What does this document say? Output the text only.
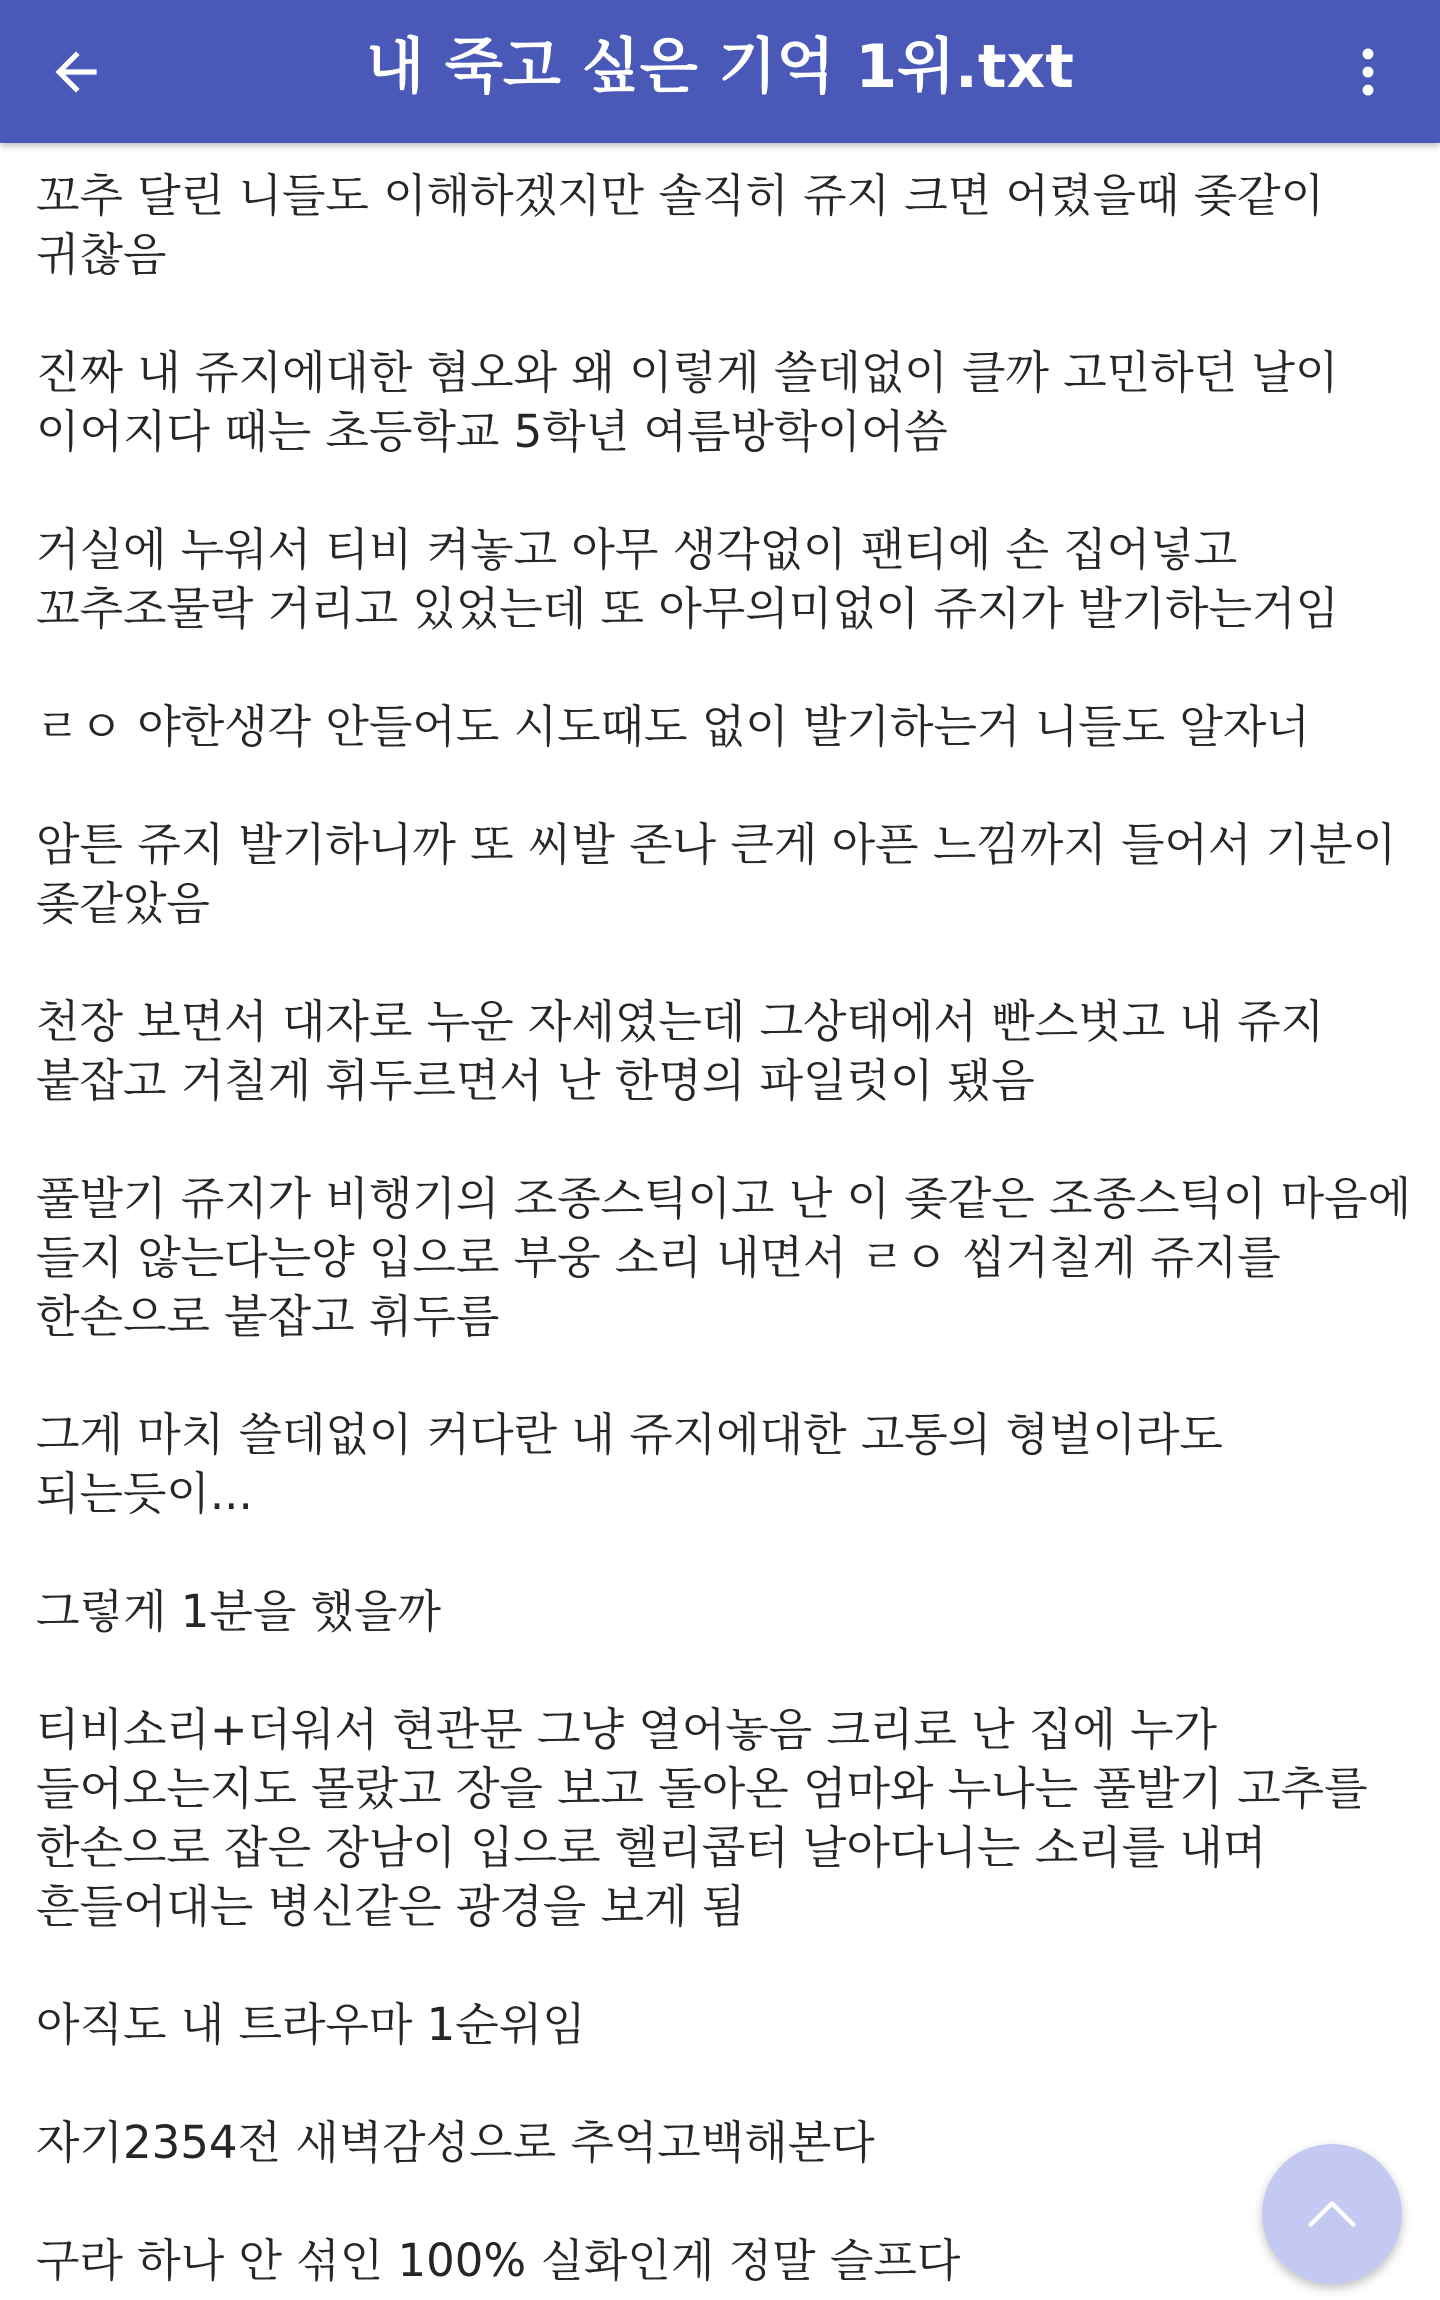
내 죽고 싶은 기억 1위.txt

꼬추 달린 니들도 이해하겠지만 솔직히 쥬지 크면 어렸을때 좆같이 귀찮음

진짜 내 쥬지에대한 혐오와 왜 이렇게 쓸데없이 클까 고민하던 날이 이어지다 때는 초등학교 5학년 여름방학이어씀

거실에 누워서 티비 켜놓고 아무 생각없이 팬티에 손 집어넣고 꼬추조물락 거리고 있었는데 또 아무의미없이 쥬지가 발기하는거임

ㄹㅇ 야한생각 안들어도 시도때도 없이 발기하는거 니들도 알자너

암튼 쥬지 발기하니까 또 씨발 존나 큰게 아픈 느낌까지 들어서 기분이 좆같았음

천장 보면서 대자로 누운 자세였는데 그상태에서 빤스벗고 내 쥬지 붙잡고 거칠게 휘두르면서 난 한명의 파일럿이 됐음

풀발기 쥬지가 비행기의 조종스틱이고 난 이 좆같은 조종스틱이 마음에 들지 않는다는양 입으로 부웅 소리 내면서 ㄹㅇ 씹거칠게 쥬지를 한손으로 붙잡고 휘두름

그게 마치 쓸데없이 커다란 내 쥬지에대한 고통의 형벌이라도 되는듯이...

그렇게 1분을 했을까

티비소리+더워서 현관문 그냥 열어놓음 크리로 난 집에 누가 들어오는지도 몰랐고 장을 보고 돌아온 엄마와 누나는 풀발기 고추를 한손으로 잡은 장남이 입으로 헬리콥터 날아다니는 소리를 내며 흔들어대는 병신같은 광경을 보게 됨

아직도 내 트라우마 1순위임

자기2354전 새벽감성으로 추억고백해본다

구라 하나 안 섞인 100% 실화인게 정말 슬프다
